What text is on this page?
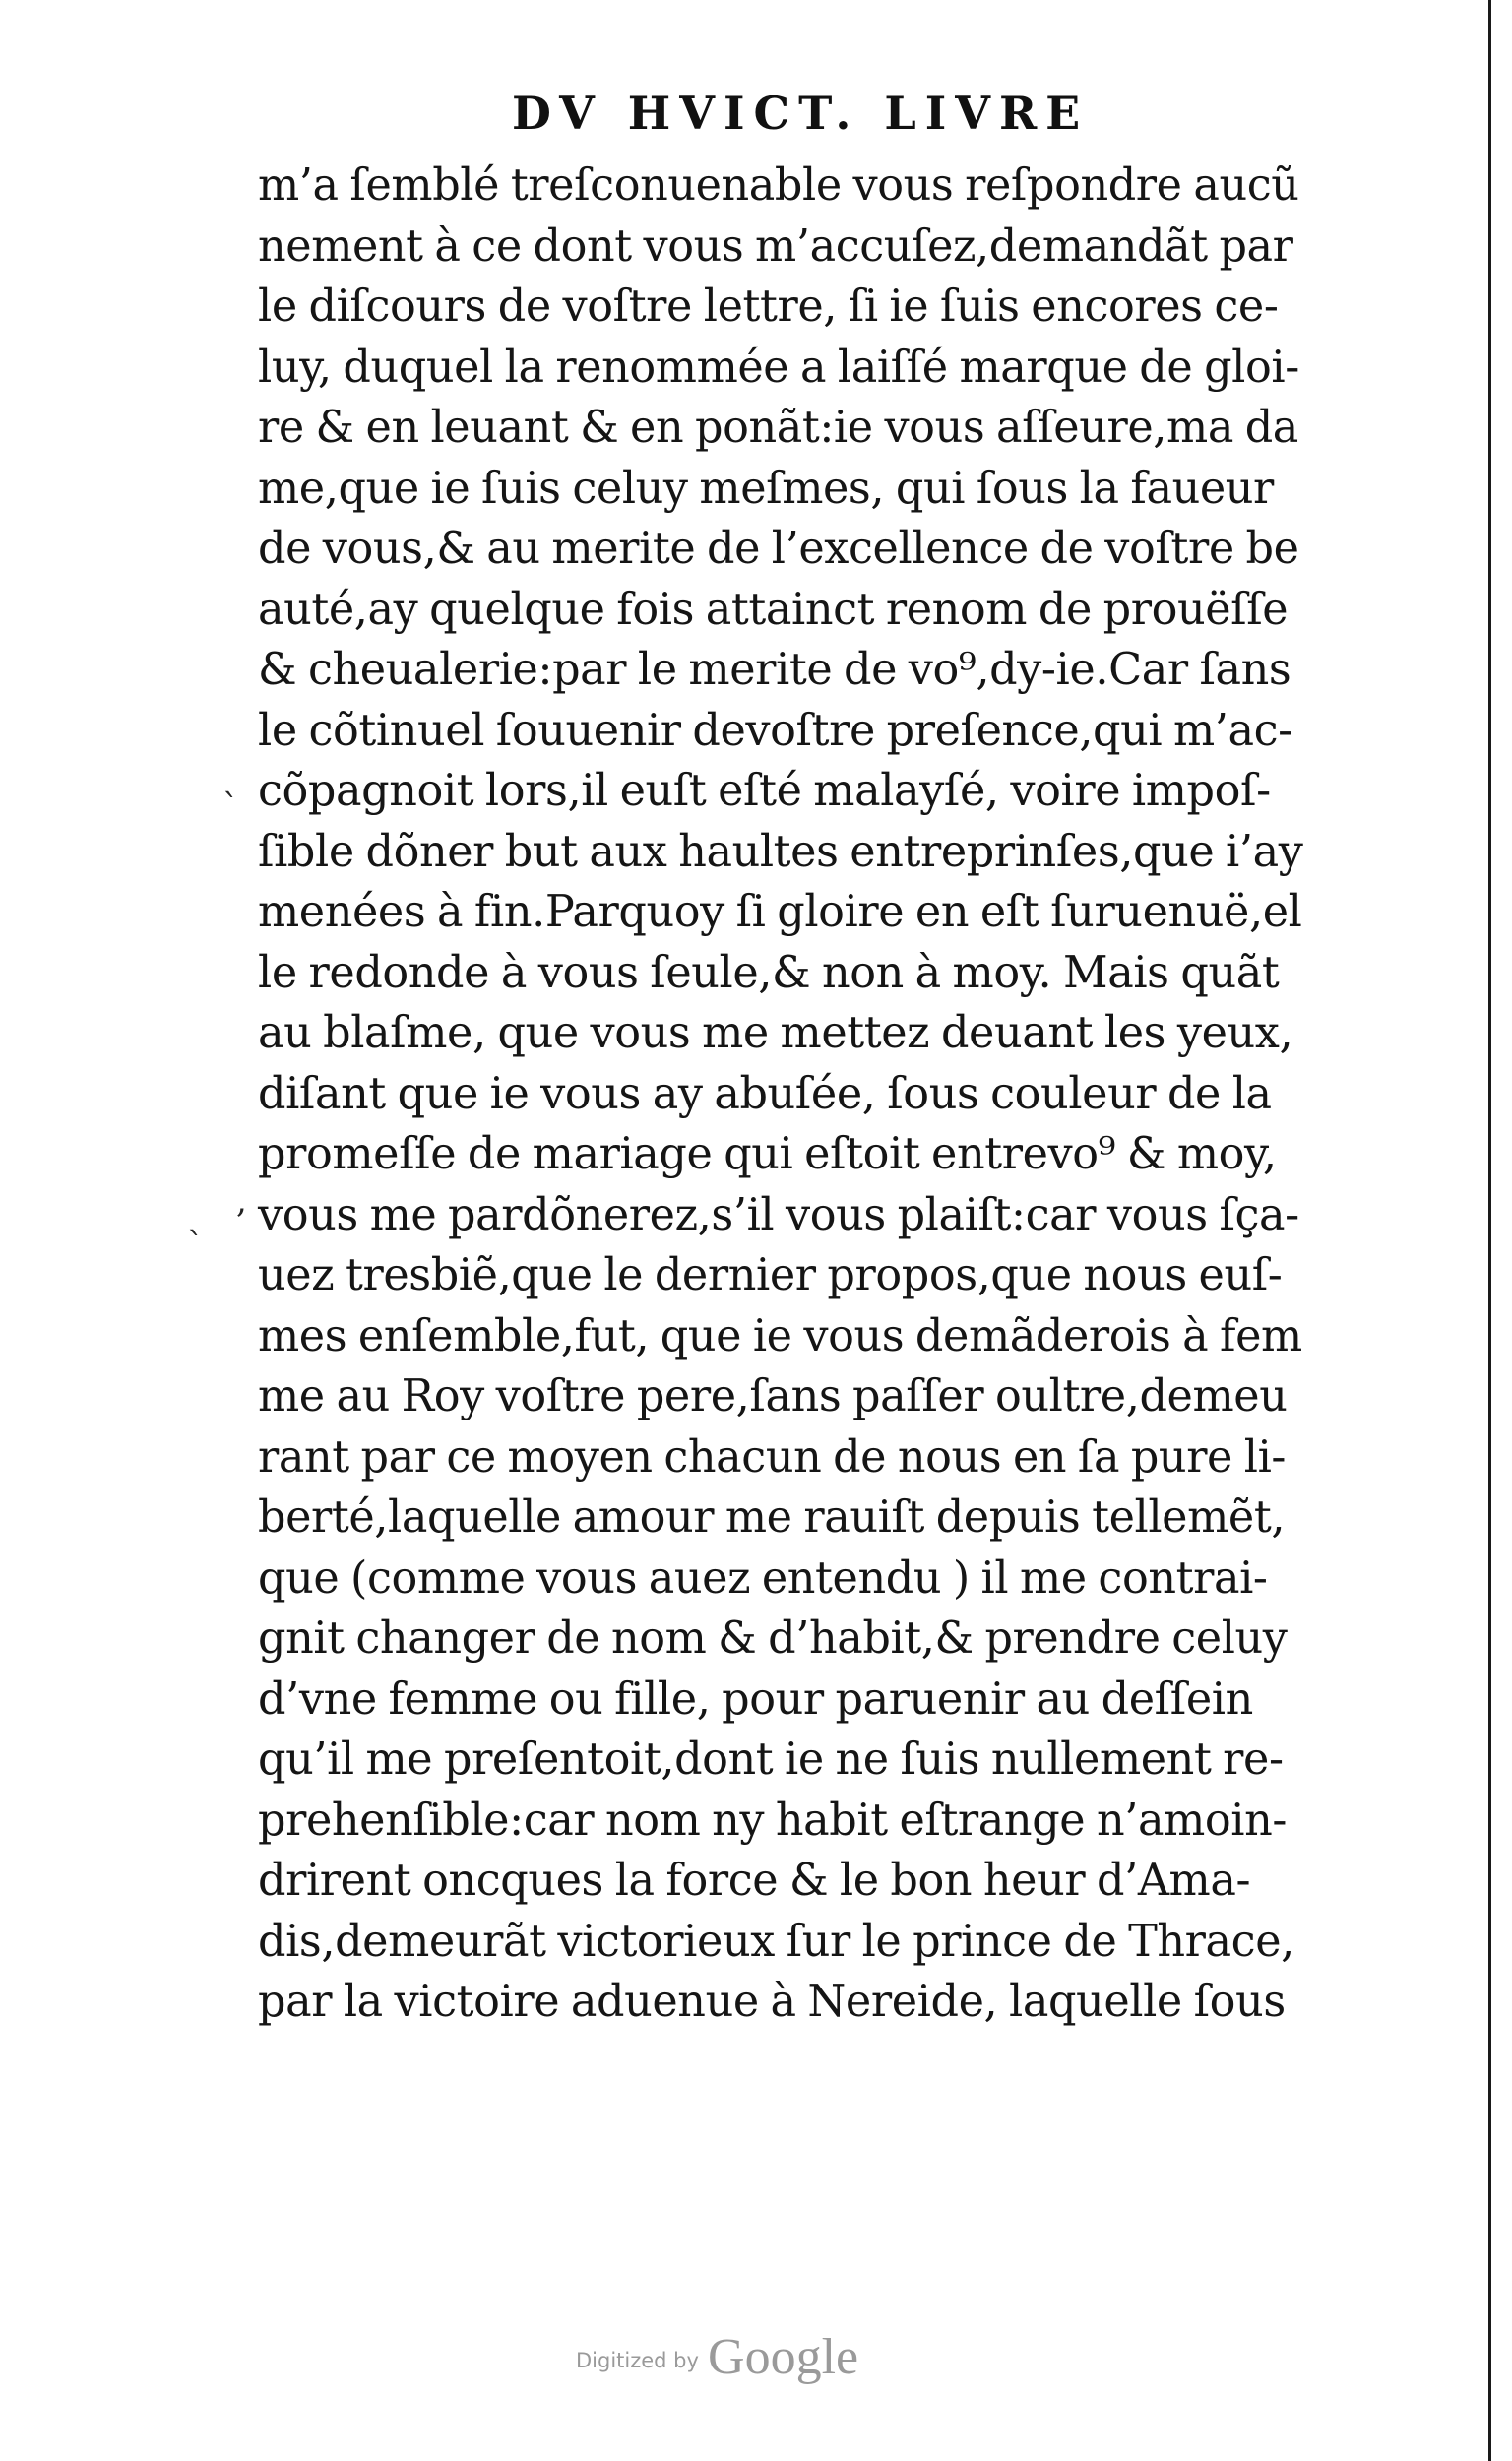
DV HVICT. LIVRE
m’a ſemblé treſconuenable vous reſpondre aucũ
nement à ce dont vous m’accuſez,demandãt par
le diſcours de voſtre lettre, ſi ie ſuis encores ce-
luy, duquel la renommée a laiſſé marque de gloi-
re & en leuant & en ponãt:ie vous aſſeure,ma da
me,que ie ſuis celuy meſmes, qui ſous la faueur
de vous,& au merite de l’excellence de voſtre be
auté,ay quelque fois attainct renom de prouëſſe
& cheualerie:par le merite de vo⁹,dy-ie.Car ſans
le cõtinuel ſouuenir devoſtre preſence,qui m’ac-
cõpagnoit lors,il euſt eſté malayſé, voire impoſ-
ſible dõner but aux haultes entreprinſes,que i’ay
menées à fin.Parquoy ſi gloire en eſt ſuruenuë,el
le redonde à vous ſeule,& non à moy. Mais quãt
au blaſme, que vous me mettez deuant les yeux,
diſant que ie vous ay abuſée, ſous couleur de la
promeſſe de mariage qui eſtoit entrevo⁹ & moy,
vous me pardõnerez,s’il vous plaiſt:car vous ſça-
uez tresbiẽ,que le dernier propos,que nous euſ-
mes enſemble,fut, que ie vous demãderois à fem
me au Roy voſtre pere,ſans paſſer oultre,demeu
rant par ce moyen chacun de nous en ſa pure li-
berté,laquelle amour me rauiſt depuis tellemẽt,
que (comme vous auez entendu ) il me contrai-
gnit changer de nom & d’habit,& prendre celuy
d’vne femme ou fille, pour paruenir au deſſein
qu’il me preſentoit,dont ie ne ſuis nullement re-
prehenſible:car nom ny habit eſtrange n’amoin-
drirent oncques la force & le bon heur d’Ama-
dis,demeurãt victorieux ſur le prince de Thrace,
par la victoire aduenue à Nereide, laquelle ſous
`
,
`
Digitized by Google
